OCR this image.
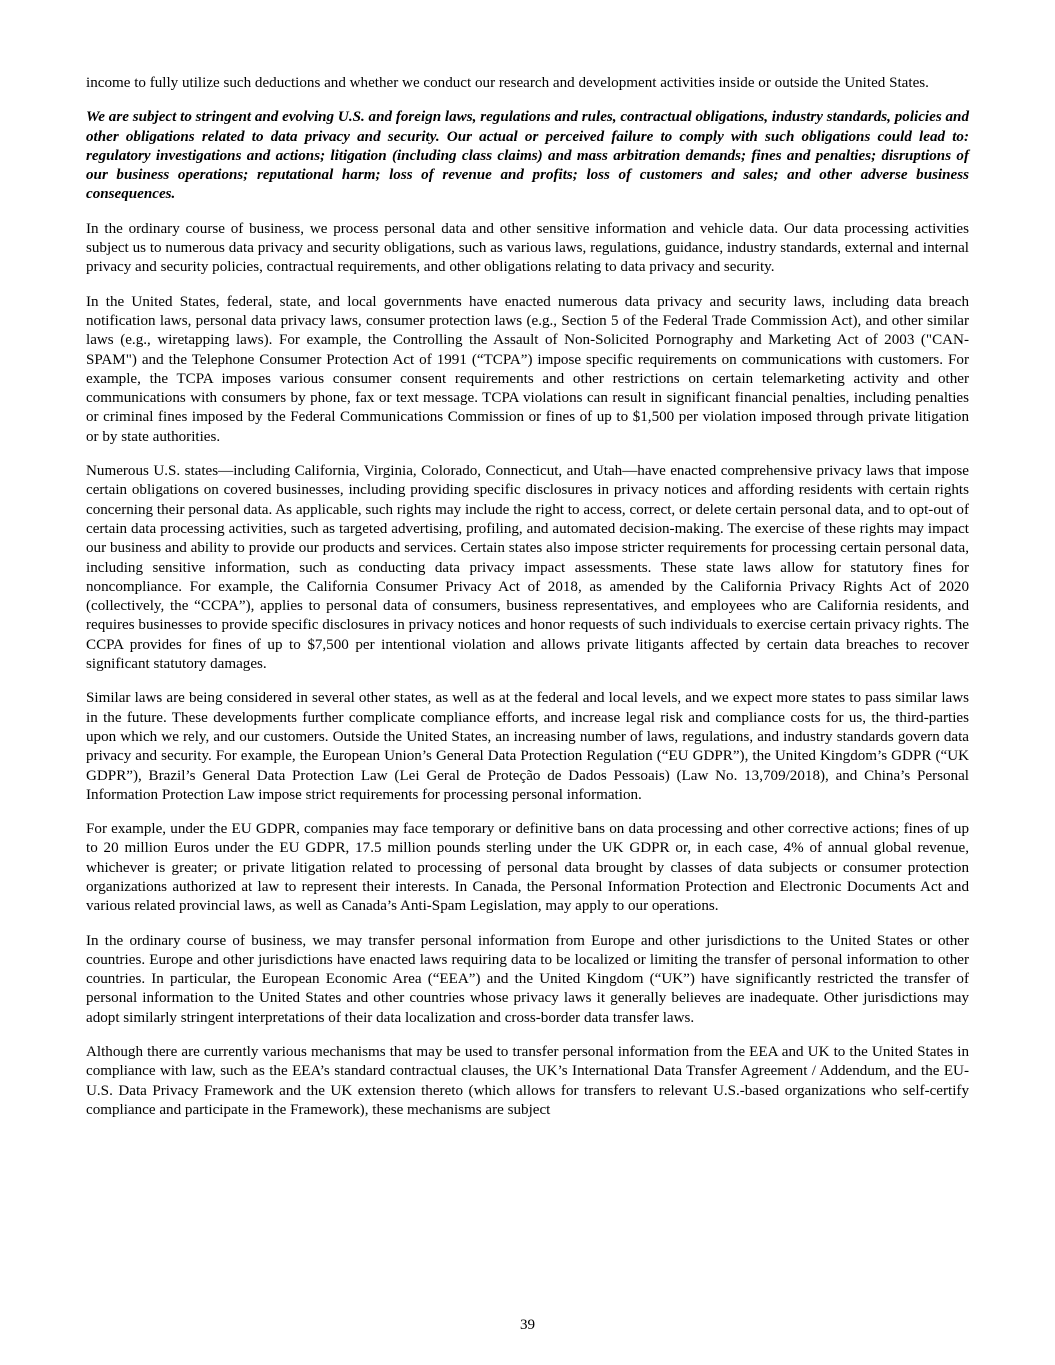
income to fully utilize such deductions and whether we conduct our research and development activities inside or outside the United States.

We are subject to stringent and evolving U.S. and foreign laws, regulations and rules, contractual obligations, industry standards, policies and other obligations related to data privacy and security. Our actual or perceived failure to comply with such obligations could lead to: regulatory investigations and actions; litigation (including class claims) and mass arbitration demands; fines and penalties; disruptions of our business operations; reputational harm; loss of revenue and profits; loss of customers and sales; and other adverse business consequences.

In the ordinary course of business, we process personal data and other sensitive information and vehicle data. Our data processing activities subject us to numerous data privacy and security obligations, such as various laws, regulations, guidance, industry standards, external and internal privacy and security policies, contractual requirements, and other obligations relating to data privacy and security.

In the United States, federal, state, and local governments have enacted numerous data privacy and security laws, including data breach notification laws, personal data privacy laws, consumer protection laws (e.g., Section 5 of the Federal Trade Commission Act), and other similar laws (e.g., wiretapping laws). For example, the Controlling the Assault of Non-Solicited Pornography and Marketing Act of 2003 ("CAN-SPAM") and the Telephone Consumer Protection Act of 1991 (“TCPA”) impose specific requirements on communications with customers. For example, the TCPA imposes various consumer consent requirements and other restrictions on certain telemarketing activity and other communications with consumers by phone, fax or text message. TCPA violations can result in significant financial penalties, including penalties or criminal fines imposed by the Federal Communications Commission or fines of up to $1,500 per violation imposed through private litigation or by state authorities.

Numerous U.S. states—including California, Virginia, Colorado, Connecticut, and Utah—have enacted comprehensive privacy laws that impose certain obligations on covered businesses, including providing specific disclosures in privacy notices and affording residents with certain rights concerning their personal data. As applicable, such rights may include the right to access, correct, or delete certain personal data, and to opt-out of certain data processing activities, such as targeted advertising, profiling, and automated decision-making. The exercise of these rights may impact our business and ability to provide our products and services. Certain states also impose stricter requirements for processing certain personal data, including sensitive information, such as conducting data privacy impact assessments. These state laws allow for statutory fines for noncompliance. For example, the California Consumer Privacy Act of 2018, as amended by the California Privacy Rights Act of 2020 (collectively, the “CCPA”), applies to personal data of consumers, business representatives, and employees who are California residents, and requires businesses to provide specific disclosures in privacy notices and honor requests of such individuals to exercise certain privacy rights. The CCPA provides for fines of up to $7,500 per intentional violation and allows private litigants affected by certain data breaches to recover significant statutory damages.

Similar laws are being considered in several other states, as well as at the federal and local levels, and we expect more states to pass similar laws in the future. These developments further complicate compliance efforts, and increase legal risk and compliance costs for us, the third-parties upon which we rely, and our customers. Outside the United States, an increasing number of laws, regulations, and industry standards govern data privacy and security. For example, the European Union’s General Data Protection Regulation (“EU GDPR”), the United Kingdom’s GDPR (“UK GDPR”), Brazil’s General Data Protection Law (Lei Geral de Proteção de Dados Pessoais) (Law No. 13,709/2018), and China’s Personal Information Protection Law impose strict requirements for processing personal information.

For example, under the EU GDPR, companies may face temporary or definitive bans on data processing and other corrective actions; fines of up to 20 million Euros under the EU GDPR, 17.5 million pounds sterling under the UK GDPR or, in each case, 4% of annual global revenue, whichever is greater; or private litigation related to processing of personal data brought by classes of data subjects or consumer protection organizations authorized at law to represent their interests. In Canada, the Personal Information Protection and Electronic Documents Act and various related provincial laws, as well as Canada’s Anti-Spam Legislation, may apply to our operations.

In the ordinary course of business, we may transfer personal information from Europe and other jurisdictions to the United States or other countries. Europe and other jurisdictions have enacted laws requiring data to be localized or limiting the transfer of personal information to other countries. In particular, the European Economic Area (“EEA”) and the United Kingdom (“UK”) have significantly restricted the transfer of personal information to the United States and other countries whose privacy laws it generally believes are inadequate. Other jurisdictions may adopt similarly stringent interpretations of their data localization and cross-border data transfer laws.

Although there are currently various mechanisms that may be used to transfer personal information from the EEA and UK to the United States in compliance with law, such as the EEA’s standard contractual clauses, the UK’s International Data Transfer Agreement / Addendum, and the EU-U.S. Data Privacy Framework and the UK extension thereto (which allows for transfers to relevant U.S.-based organizations who self-certify compliance and participate in the Framework), these mechanisms are subject

39
